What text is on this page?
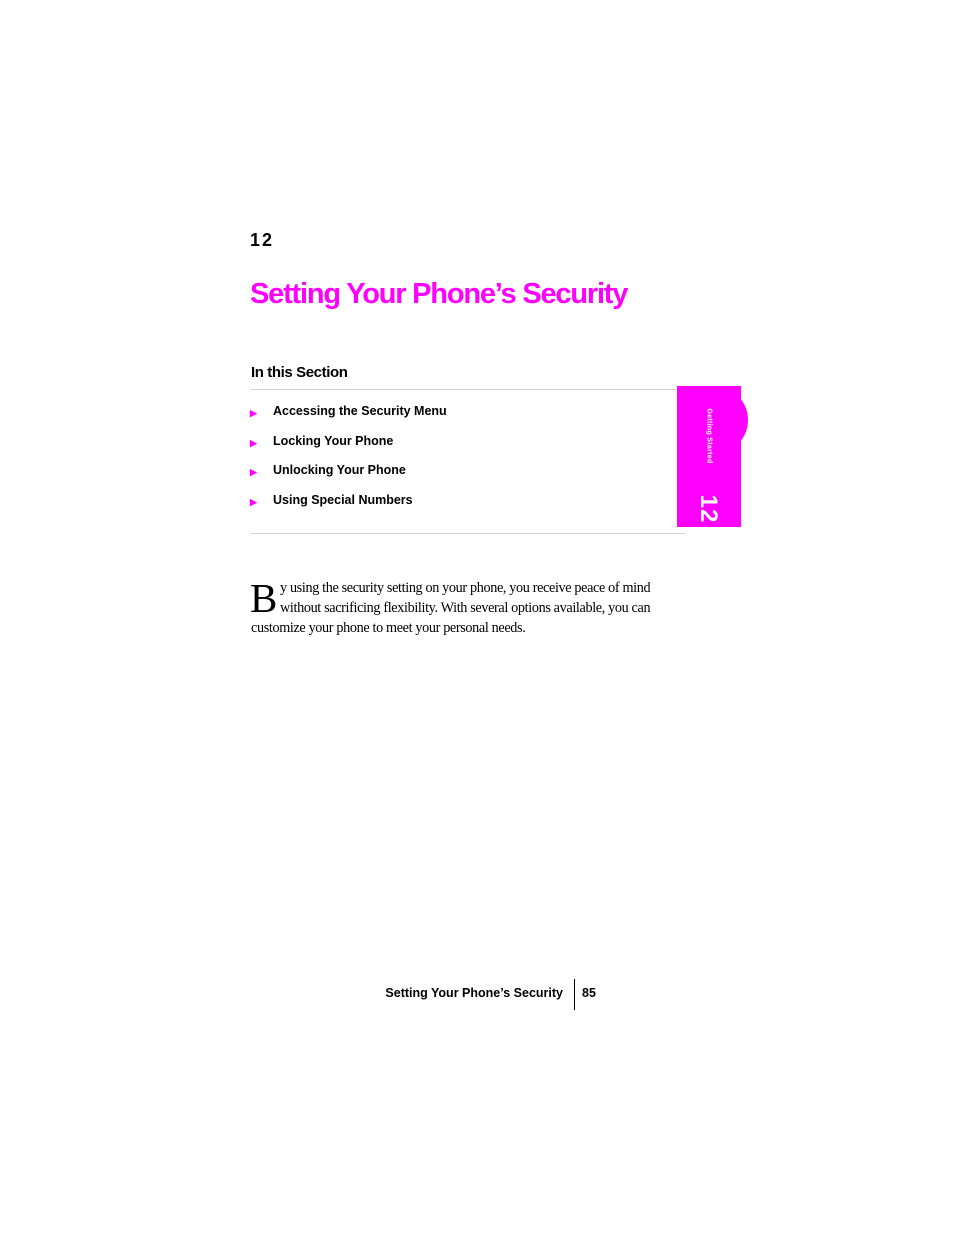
12
Setting Your Phone’s Security
In this Section
▶	Accessing the Security Menu
▶	Locking Your Phone
▶	Unlocking Your Phone
▶	Using Special Numbers
Getting Started
12

By using the security setting on your phone, you receive peace of mind without sacrificing flexibility. With several options available, you can customize your phone to meet your personal needs.

Setting Your Phone’s Security 85
